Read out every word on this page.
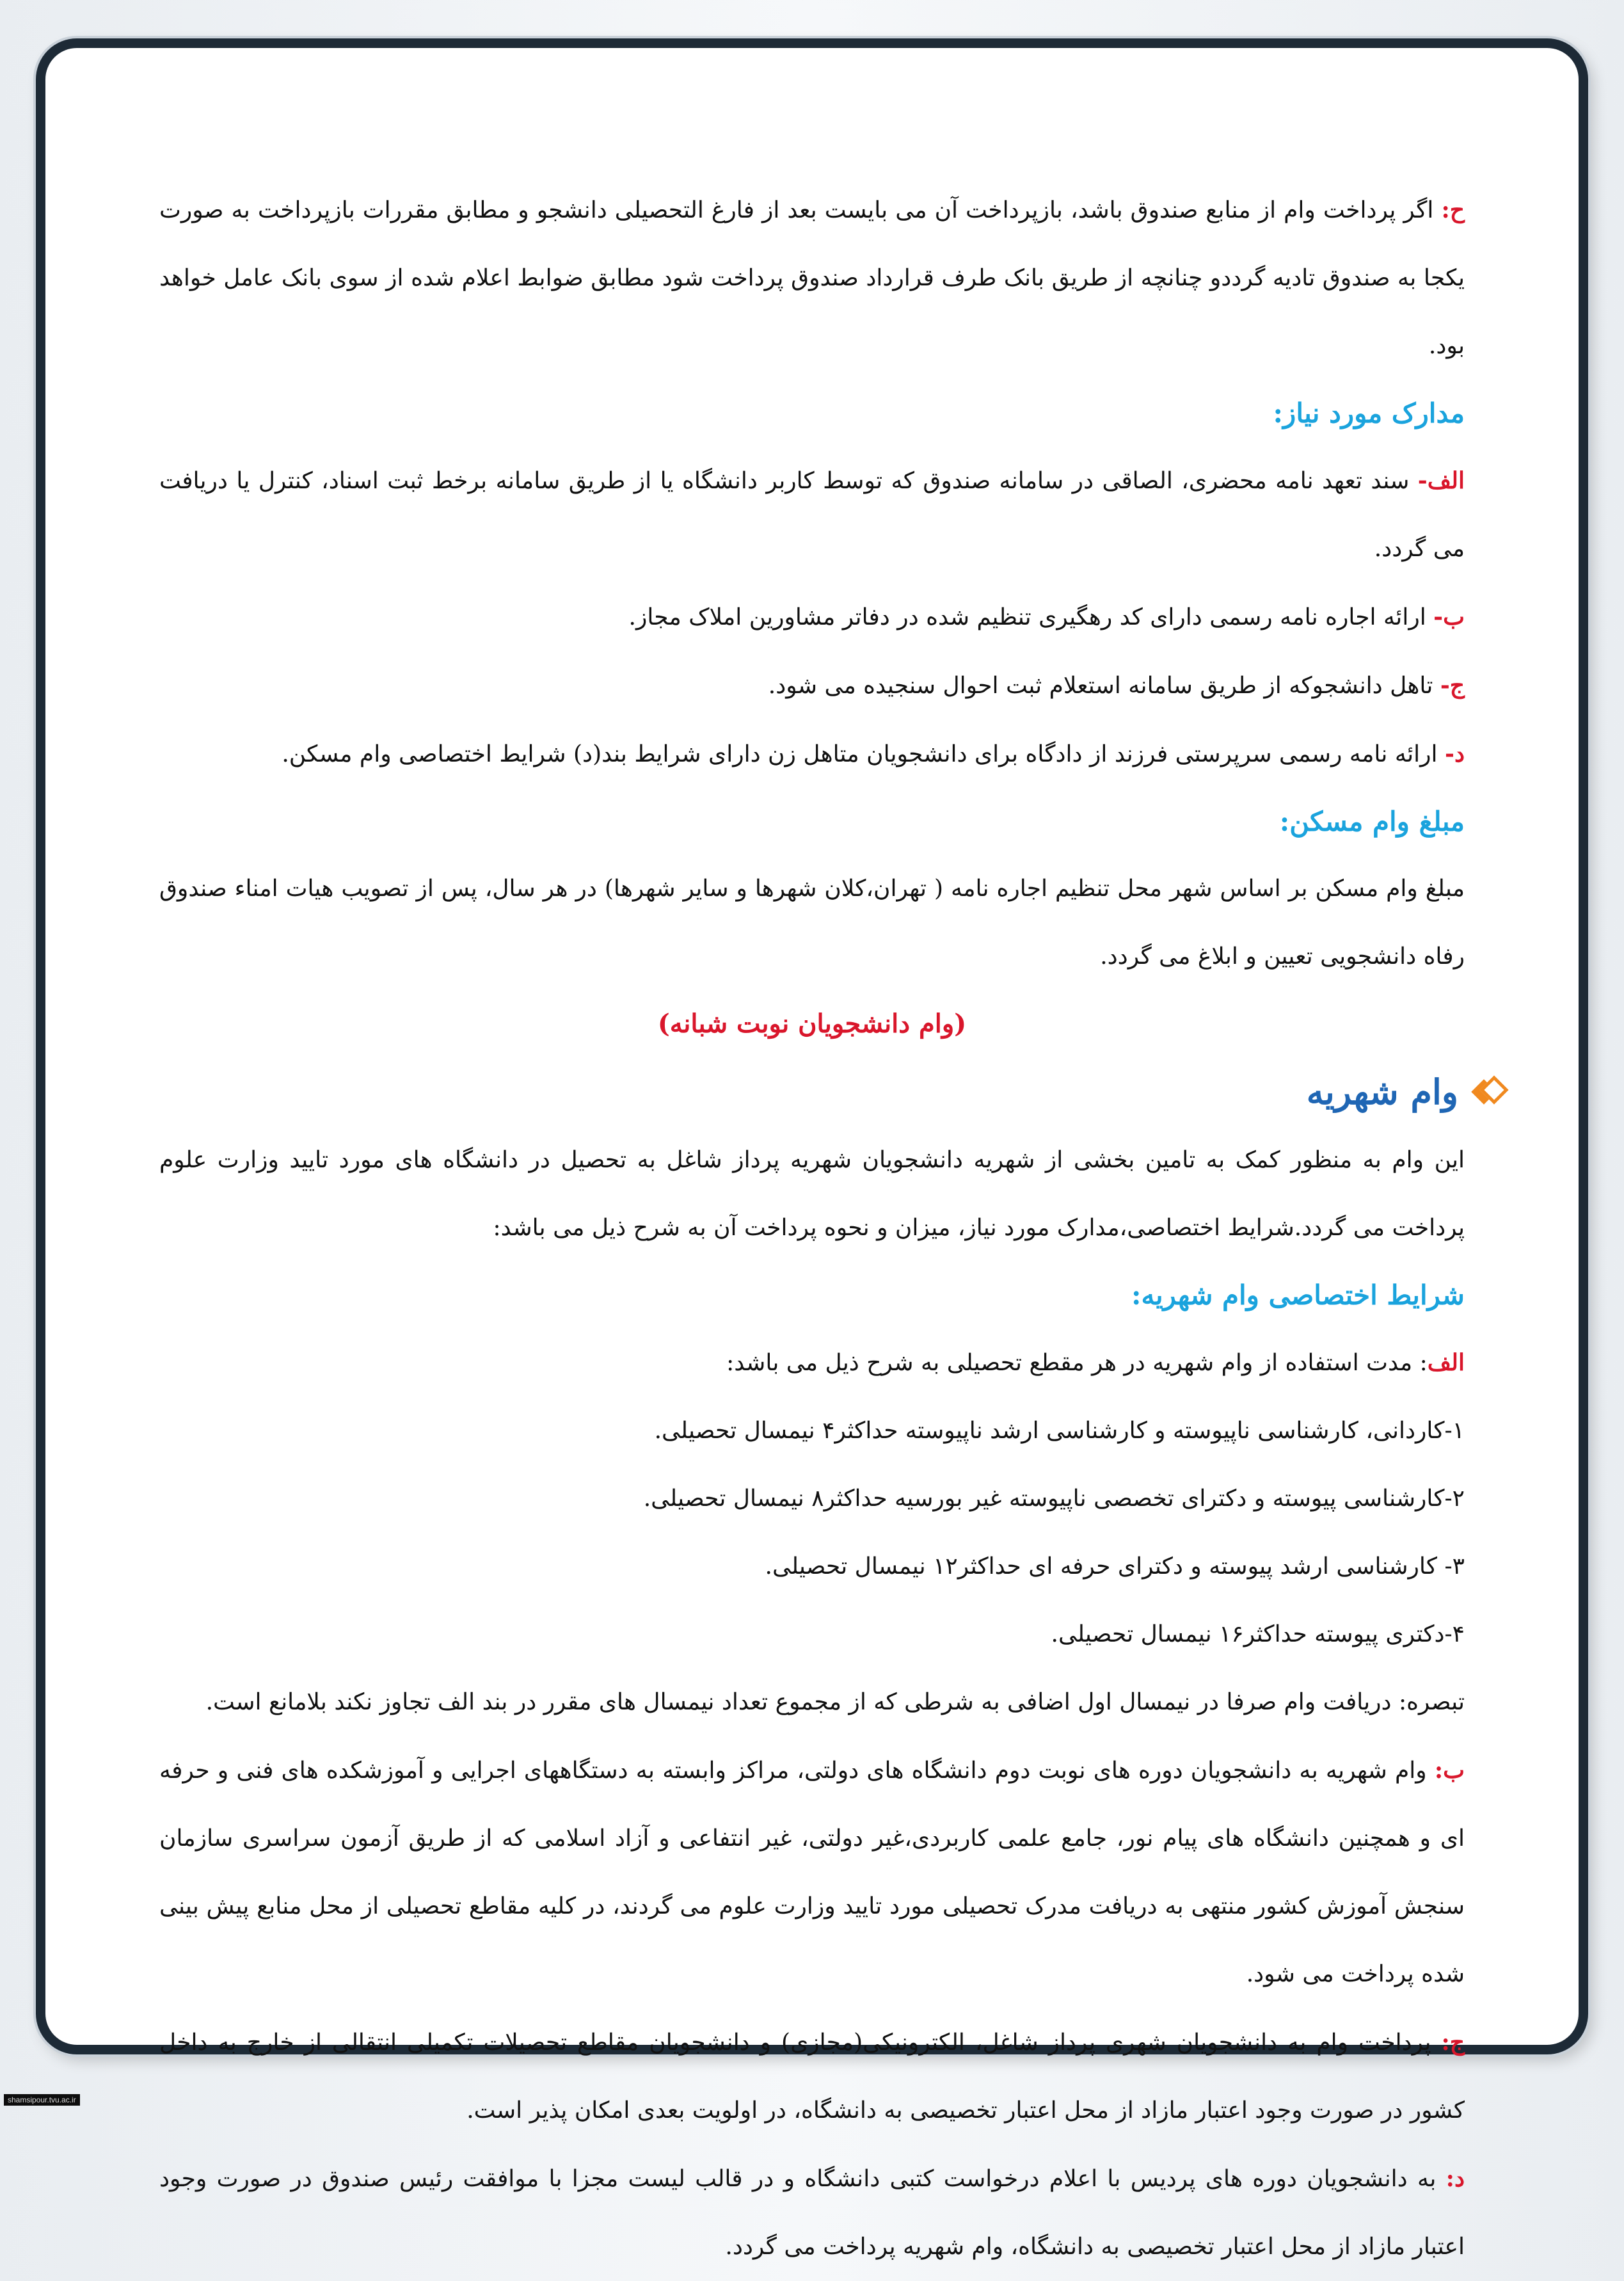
ح: اگر پرداخت وام از منابع صندوق باشد، بازپرداخت آن می بایست بعد از فارغ التحصیلی دانشجو و مطابق مقررات بازپرداخت به صورت یکجا به صندوق تادیه گرددو چنانچه از طریق بانک طرف قرارداد صندوق پرداخت شود مطابق ضوابط اعلام شده از سوی بانک عامل خواهد بود.

مدارک مورد نیاز:

الف- سند تعهد نامه محضری، الصاقی در سامانه صندوق که توسط کاربر دانشگاه یا از طریق سامانه برخط ثبت اسناد، کنترل یا دریافت می گردد.

ب- ارائه اجاره نامه رسمی دارای کد رهگیری تنظیم شده در دفاتر مشاورین املاک مجاز.

ج- تاهل دانشجوکه از طریق سامانه استعلام ثبت احوال سنجیده می شود.

د- ارائه نامه رسمی سرپرستی فرزند از دادگاه برای دانشجویان متاهل زن دارای شرایط بند(د) شرایط اختصاصی وام مسکن.

مبلغ وام مسکن:

مبلغ وام مسکن بر اساس شهر محل تنظیم اجاره نامه ( تهران،کلان شهرها و سایر شهرها) در هر سال، پس از تصویب هیات امناء صندوق رفاه دانشجویی تعیین و ابلاغ می گردد.

(وام دانشجویان نوبت شبانه)

وام شهریه

این وام به منظور کمک به تامین بخشی از شهریه دانشجویان شهریه پرداز شاغل به تحصیل در دانشگاه های مورد تایید وزارت علوم پرداخت می گردد.شرایط اختصاصی،مدارک مورد نیاز، میزان و نحوه پرداخت آن به شرح ذیل می باشد:

شرایط اختصاصی وام شهریه:

الف: مدت استفاده از وام شهریه در هر مقطع تحصیلی به شرح ذیل می باشد:

۱-کاردانی، کارشناسی ناپیوسته و کارشناسی ارشد ناپیوسته حداکثر۴ نیمسال تحصیلی.

۲-کارشناسی پیوسته و دکترای تخصصی ناپیوسته غیر بورسیه حداکثر۸ نیمسال تحصیلی.

۳- کارشناسی ارشد پیوسته و دکترای حرفه ای حداکثر۱۲ نیمسال تحصیلی.

۴-دکتری پیوسته حداکثر۱۶ نیمسال تحصیلی.

تبصره: دریافت وام صرفا در نیمسال اول اضافی به شرطی که از مجموع تعداد نیمسال های مقرر در بند الف تجاوز نکند بلامانع است.

ب: وام شهریه به دانشجویان دوره های نوبت دوم دانشگاه های دولتی، مراکز وابسته به دستگاههای اجرایی و آموزشکده های فنی و حرفه ای و همچنین دانشگاه های پیام نور، جامع علمی کاربردی،غیر دولتی، غیر انتفاعی و آزاد اسلامی که از طریق آزمون سراسری سازمان سنجش آموزش کشور منتهی به دریافت مدرک تحصیلی مورد تایید وزارت علوم می گردند، در کلیه مقاطع تحصیلی از محل منابع پیش بینی شده پرداخت می شود.

ج: پرداخت وام به دانشجویان شهری پرداز شاغل، الکترونیکی(مجازی) و دانشجویان مقاطع تحصیلات تکمیلی انتقالی از خارج به داخل کشور در صورت وجود اعتبار مازاد از محل اعتبار تخصیصی به دانشگاه، در اولویت بعدی امکان پذیر است.

د: به دانشجویان دوره های پردیس با اعلام درخواست کتبی دانشگاه و در قالب لیست مجزا با موافقت رئیس صندوق در صورت وجود اعتبار مازاد از محل اعتبار تخصیصی به دانشگاه، وام شهریه پرداخت می گردد.

shamsipour.tvu.ac.ir
